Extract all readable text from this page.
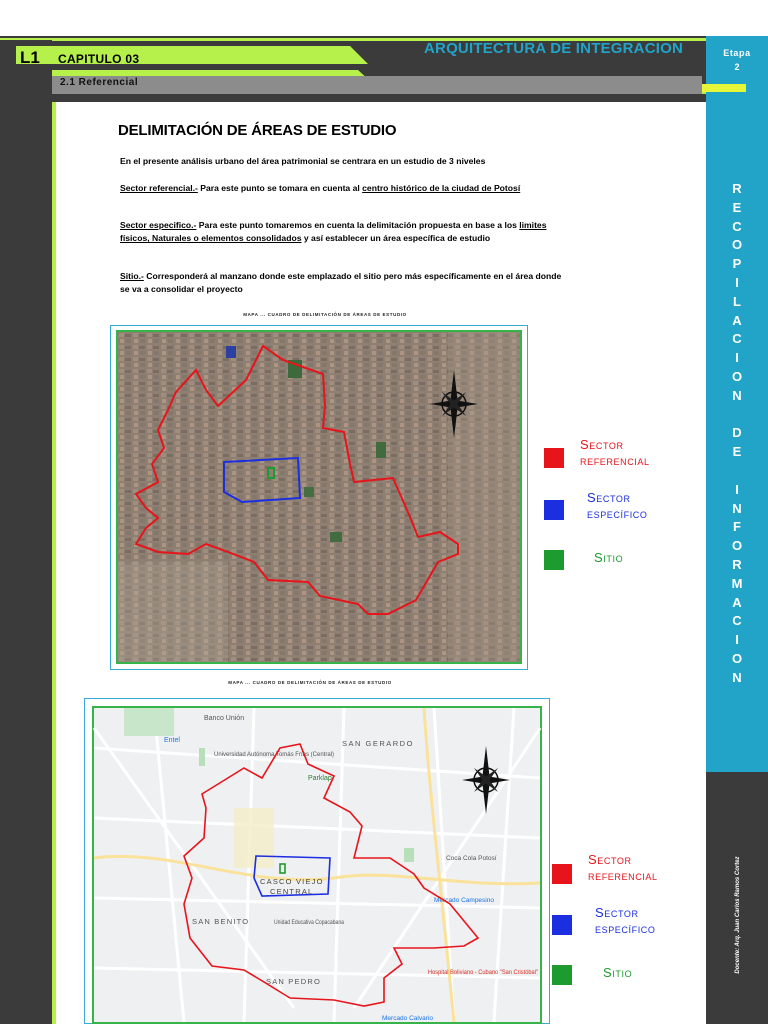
L1 CAPITULO 03
2.1 Referencial
ARQUITECTURA DE INTEGRACION	Etapa
2
R
E
C
O
P
I
L
A
C
I
O
N

D
E

I
N
F
O
R
M
A
C
I
O
N
Docente: Arq. Juan Carlos Ramos Cortez
DELIMITACIÓN DE ÁREAS DE ESTUDIO
En el presente análisis urbano del área patrimonial se centrara en un estudio de 3 niveles
Sector referencial.- Para este punto se tomara en cuenta al centro histórico de la ciudad de Potosí
Sector especifico.- Para este punto tomaremos en cuenta la delimitación propuesta en base a los limites físicos, Naturales o elementos consolidados y así establecer un área específica de estudio
Sitio.- Corresponderá al manzano donde este emplazado el sitio pero más específicamente en el área donde se va a consolidar el proyecto
MAPA ... CUADRO DE DELIMITACIÓN DE ÁREAS DE ESTUDIO
Sector
referencial
Sector
específico
Sitio
MAPA ... CUADRO DE DELIMITACIÓN DE ÁREAS DE ESTUDIO
Banco Unión
Entel
Universidad Autónoma Tomás Frías (Central)
SAN GERARDO
Parklap
CASCO VIEJO
CENTRAL
Coca Cola Potosí
Mercado Campesino
SAN BENITO	Unidad Educativa Copacabana
SAN PEDRO
Hospital Boliviano - Cubano "San Cristóbal"
Mercado Calvario
Sector
referencial
Sector
específico
Sitio
